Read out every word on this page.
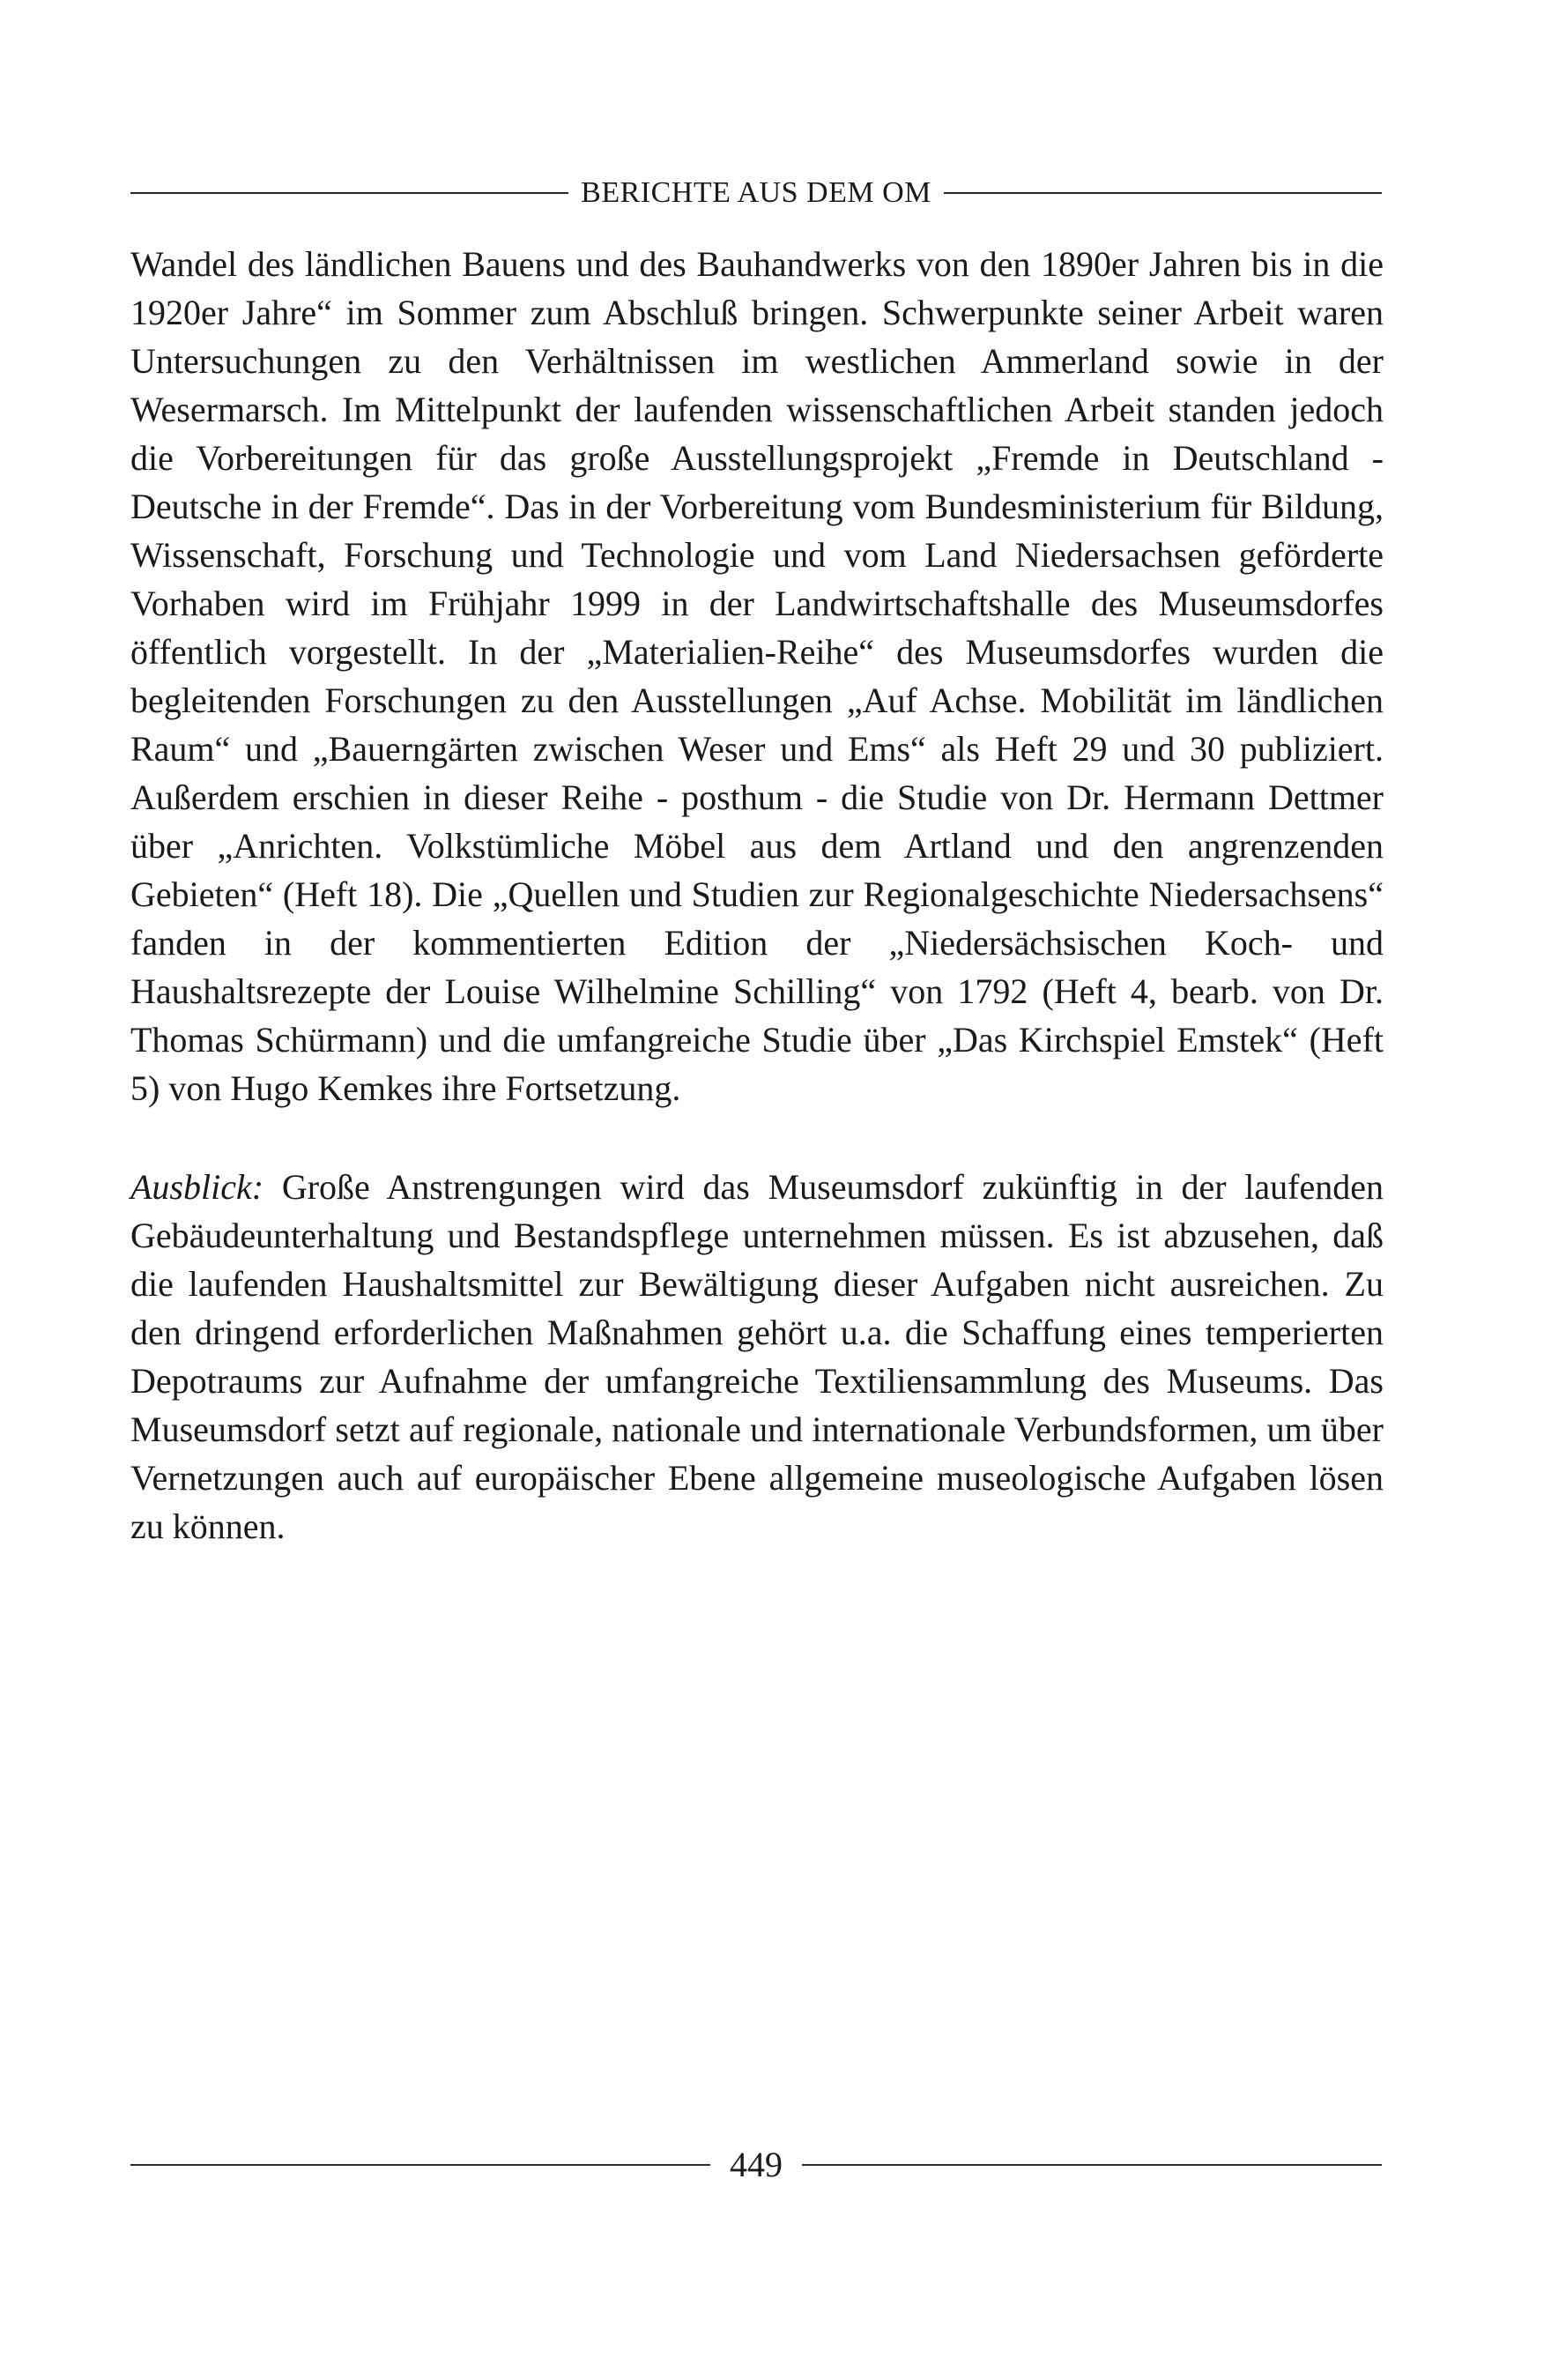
BERICHTE AUS DEM OM

Wandel des ländlichen Bauens und des Bauhandwerks von den 1890er Jahren bis in die 1920er Jahre“ im Sommer zum Abschluß bringen. Schwerpunkte seiner Arbeit waren Untersuchungen zu den Verhältnissen im westlichen Ammerland sowie in der Wesermarsch. Im Mittelpunkt der laufenden wissenschaftlichen Arbeit standen jedoch die Vorbereitungen für das große Ausstellungsprojekt „Fremde in Deutschland - Deutsche in der Fremde“. Das in der Vorbereitung vom Bundesministerium für Bildung, Wissenschaft, Forschung und Technologie und vom Land Niedersachsen geförderte Vorhaben wird im Frühjahr 1999 in der Landwirtschaftshalle des Museumsdorfes öffentlich vorgestellt. In der „Materialien-Reihe“ des Museumsdorfes wurden die begleitenden Forschungen zu den Ausstellungen „Auf Achse. Mobilität im ländlichen Raum“ und „Bauerngärten zwischen Weser und Ems“ als Heft 29 und 30 publiziert. Außerdem erschien in dieser Reihe - posthum - die Studie von Dr. Hermann Dettmer über „Anrichten. Volkstümliche Möbel aus dem Artland und den angrenzenden Gebieten“ (Heft 18). Die „Quellen und Studien zur Regionalgeschichte Niedersachsens“ fanden in der kommentierten Edition der „Niedersächsischen Koch- und Haushaltsrezepte der Louise Wilhelmine Schilling“ von 1792 (Heft 4, bearb. von Dr. Thomas Schürmann) und die umfangreiche Studie über „Das Kirchspiel Emstek“ (Heft 5) von Hugo Kemkes ihre Fortsetzung.

Ausblick: Große Anstrengungen wird das Museumsdorf zukünftig in der laufenden Gebäudeunterhaltung und Bestandspflege unternehmen müssen. Es ist abzusehen, daß die laufenden Haushaltsmittel zur Bewältigung dieser Aufgaben nicht ausreichen. Zu den dringend erforderlichen Maßnahmen gehört u.a. die Schaffung eines temperierten Depotraums zur Aufnahme der umfangreiche Textiliensammlung des Museums. Das Museumsdorf setzt auf regionale, nationale und internationale Verbundsformen, um über Vernetzungen auch auf europäischer Ebene allgemeine museologische Aufgaben lösen zu können.

449
